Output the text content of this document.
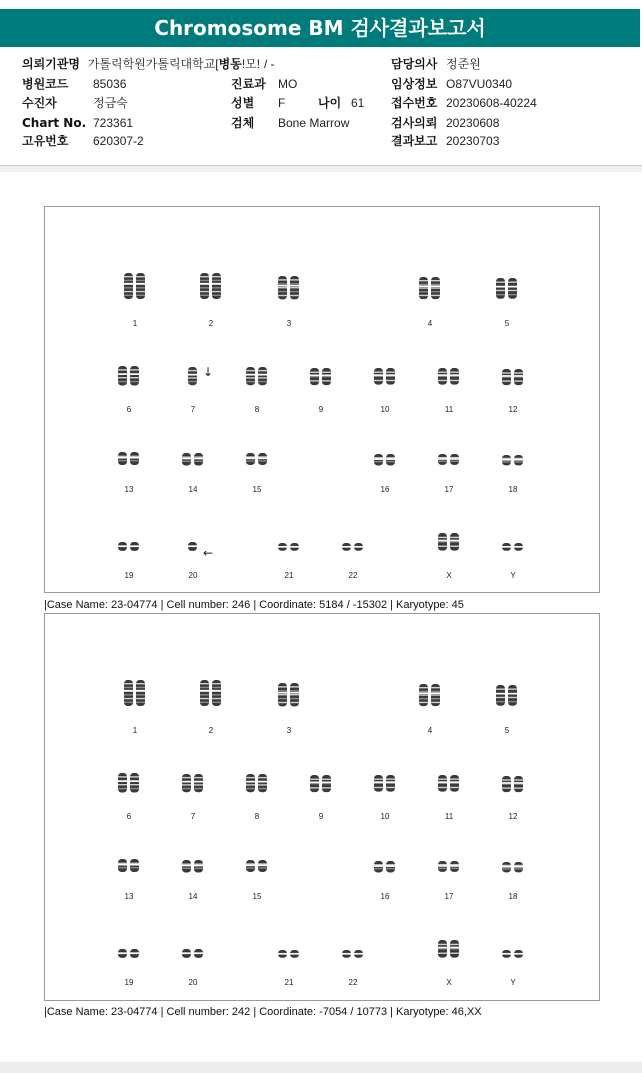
Chromosome BM 검사결과보고서
의뢰기관명 가톨릭학원가톨릭대학교[병동!모! / -
병원코드 85036
수진자	정금숙
Chart No. 723361
고유번호 620307-2
진료과 MO
성별 F	나이 61
검체 Bone Marrow
담당의사 정준원
임상정보 O87VU0340
접수번호 20230608-40224
검사의뢰 20230608
결과보고 20230703
1	2	3	4	5
6	7	8	9	10	11	12
13	14	15	16	17	18
19	20	21	22	X	Y
↓
←
|Case Name: 23-04774 | Cell number: 246 | Coordinate: 5184 / -15302 | Karyotype: 45
1	2	3	4	5
6	7	8	9	10	11	12
13	14	15	16	17	18
19	20	21	22	X	Y
|Case Name: 23-04774 | Cell number: 242 | Coordinate: -7054 / 10773 | Karyotype: 46,XX
